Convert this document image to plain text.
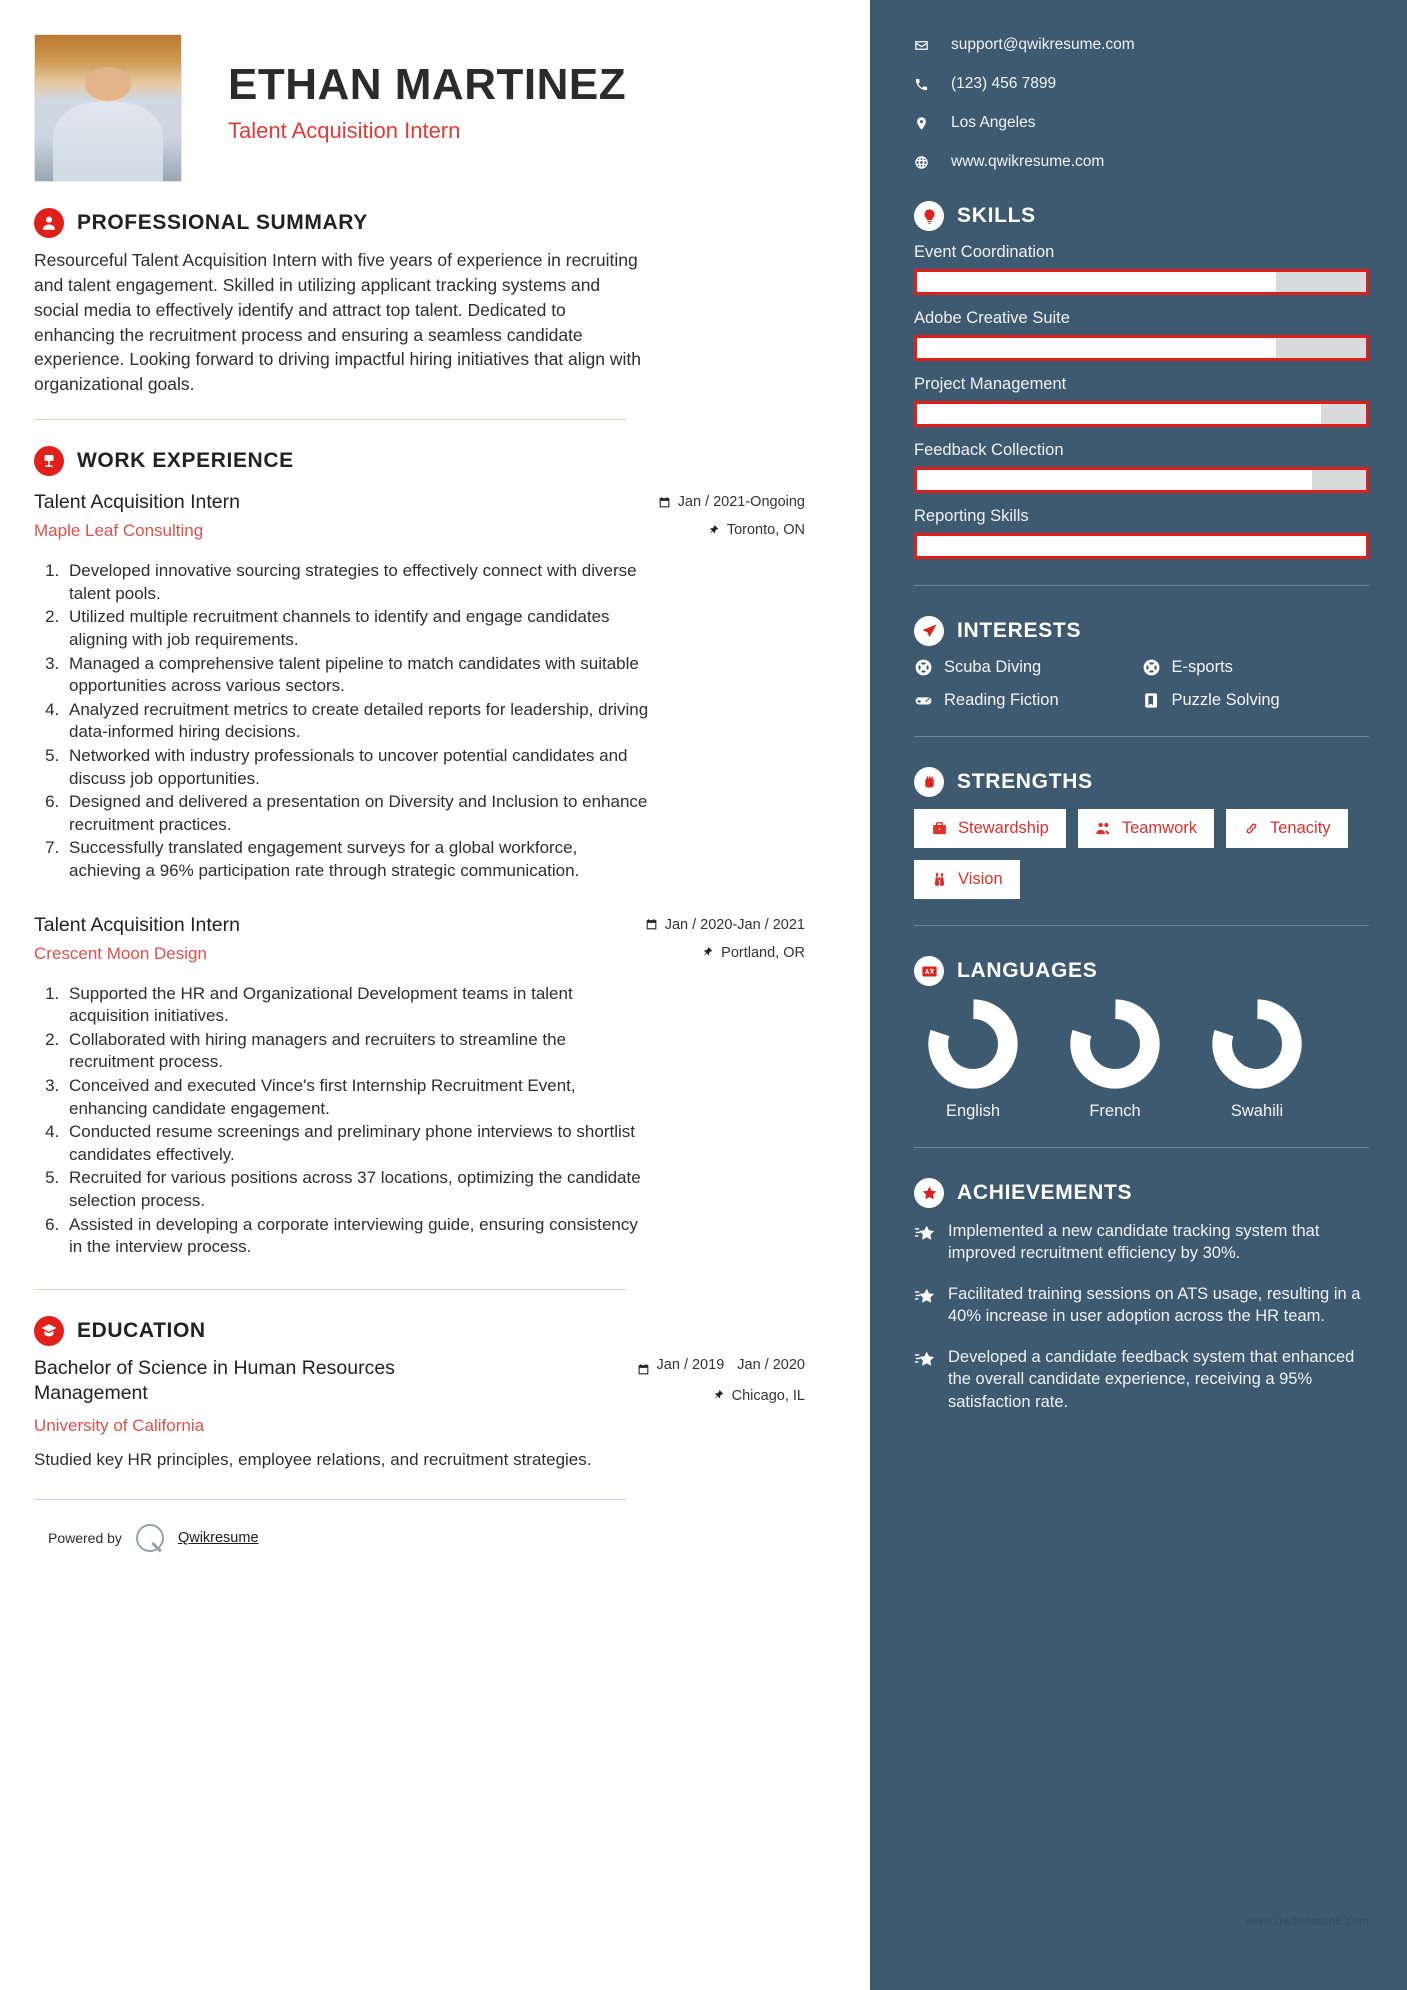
ETHAN MARTINEZ
Talent Acquisition Intern
PROFESSIONAL SUMMARY
Resourceful Talent Acquisition Intern with five years of experience in recruiting and talent engagement. Skilled in utilizing applicant tracking systems and social media to effectively identify and attract top talent. Dedicated to enhancing the recruitment process and ensuring a seamless candidate experience. Looking forward to driving impactful hiring initiatives that align with organizational goals.
WORK EXPERIENCE
Talent Acquisition Intern
Maple Leaf Consulting
Jan / 2021-Ongoing
Toronto, ON
1. Developed innovative sourcing strategies to effectively connect with diverse talent pools.
2. Utilized multiple recruitment channels to identify and engage candidates aligning with job requirements.
3. Managed a comprehensive talent pipeline to match candidates with suitable opportunities across various sectors.
4. Analyzed recruitment metrics to create detailed reports for leadership, driving data-informed hiring decisions.
5. Networked with industry professionals to uncover potential candidates and discuss job opportunities.
6. Designed and delivered a presentation on Diversity and Inclusion to enhance recruitment practices.
7. Successfully translated engagement surveys for a global workforce, achieving a 96% participation rate through strategic communication.
Talent Acquisition Intern
Crescent Moon Design
Jan / 2020-Jan / 2021
Portland, OR
1. Supported the HR and Organizational Development teams in talent acquisition initiatives.
2. Collaborated with hiring managers and recruiters to streamline the recruitment process.
3. Conceived and executed Vince's first Internship Recruitment Event, enhancing candidate engagement.
4. Conducted resume screenings and preliminary phone interviews to shortlist candidates effectively.
5. Recruited for various positions across 37 locations, optimizing the candidate selection process.
6. Assisted in developing a corporate interviewing guide, ensuring consistency in the interview process.
EDUCATION
Bachelor of Science in Human Resources Management
University of California
Jan / 2019 Jan / 2020
Chicago, IL
Studied key HR principles, employee relations, and recruitment strategies.
Powered by	Qwikresume
support@qwikresume.com
(123) 456 7899
Los Angeles
www.qwikresume.com
SKILLS
Event Coordination
Adobe Creative Suite
Project Management
Feedback Collection
Reporting Skills
INTERESTS
Scuba Diving	E-sports
Reading Fiction	Puzzle Solving
STRENGTHS
Stewardship	Teamwork	Tenacity
Vision
LANGUAGES
English	French	Swahili
ACHIEVEMENTS
Implemented a new candidate tracking system that improved recruitment efficiency by 30%.
Facilitated training sessions on ATS usage, resulting in a 40% increase in user adoption across the HR team.
Developed a candidate feedback system that enhanced the overall candidate experience, receiving a 95% satisfaction rate.
www.qwikresume.com
